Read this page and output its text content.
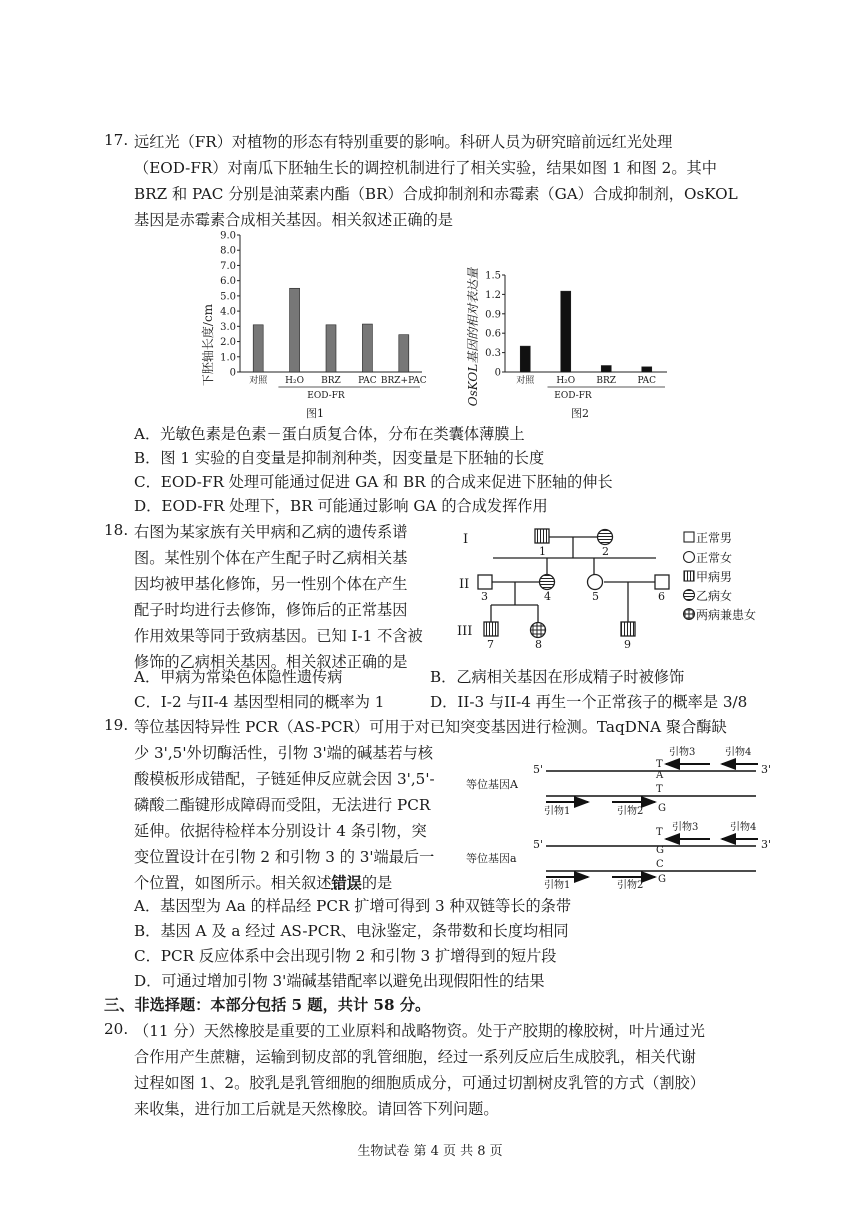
17. 远红光（FR）对植物的形态有特别重要的影响。科研人员为研究暗前远红光处理
（EOD-FR）对南瓜下胚轴生长的调控机制进行了相关实验，结果如图 1 和图 2。其中
BRZ 和 PAC 分别是油菜素内酯（BR）合成抑制剂和赤霉素（GA）合成抑制剂，OsKOL
基因是赤霉素合成相关基因。相关叙述正确的是
下胚轴长度/cm 0
1.0
2.0
3.0
4.0
5.0
6.0
7.0
8.0
9.0
对照 H₂O BRZ PAC BRZ+PAC
EOD-FR
图1
OsKOL基因的相对表达量 0
0.3
0.6
0.9
1.2
1.5
对照 H₂O BRZ PAC
EOD-FR
图2
A．光敏色素是色素－蛋白质复合体，分布在类囊体薄膜上
B．图 1 实验的自变量是抑制剂种类，因变量是下胚轴的长度
C．EOD-FR 处理可能通过促进 GA 和 BR 的合成来促进下胚轴的伸长
D．EOD-FR 处理下，BR 可能通过影响 GA 的合成发挥作用
18. 右图为某家族有关甲病和乙病的遗传系谱
图。某性别个体在产生配子时乙病相关基
因均被甲基化修饰，另一性别个体在产生
配子时均进行去修饰，修饰后的正常基因
作用效果等同于致病基因。已知 I-1 不含被
修饰的乙病相关基因。相关叙述正确的是
I
II
III
1	2
3	4	5	6
7	8	9
正常男
正常女
甲病男
乙病女
两病兼患女
A．甲病为常染色体隐性遗传病	B．乙病相关基因在形成精子时被修饰
C．I-2 与II-4 基因型相同的概率为 1	D．II-3 与II-4 再生一个正常孩子的概率是 3/8
19. 等位基因特异性 PCR（AS-PCR）可用于对已知突变基因进行检测。TaqDNA 聚合酶缺
少 3',5'外切酶活性，引物 3'端的碱基若与核
酸模板形成错配，子链延伸反应就会因 3',5'-
磷酸二酯键形成障碍而受阻，无法进行 PCR
延伸。依据待检样本分别设计 4 条引物，突
变位置设计在引物 2 和引物 3 的 3'端最后一
个位置，如图所示。相关叙述错误的是
等位基因A
5'	3'
引物3	引物4
T
A
T
G
引物1	引物2
等位基因a
5'	3'
引物3	引物4
T
G
C
G
引物1	引物2
A．基因型为 Aa 的样品经 PCR 扩增可得到 3 种双链等长的条带
B．基因 A 及 a 经过 AS-PCR、电泳鉴定，条带数和长度均相同
C．PCR 反应体系中会出现引物 2 和引物 3 扩增得到的短片段
D．可通过增加引物 3'端碱基错配率以避免出现假阳性的结果
三、非选择题：本部分包括 5 题，共计 58 分。
20. （11 分）天然橡胶是重要的工业原料和战略物资。处于产胶期的橡胶树，叶片通过光
合作用产生蔗糖，运输到韧皮部的乳管细胞，经过一系列反应后生成胶乳，相关代谢
过程如图 1、2。胶乳是乳管细胞的细胞质成分，可通过切割树皮乳管的方式（割胶）
来收集，进行加工后就是天然橡胶。请回答下列问题。
生物试卷 第 4 页 共 8 页
